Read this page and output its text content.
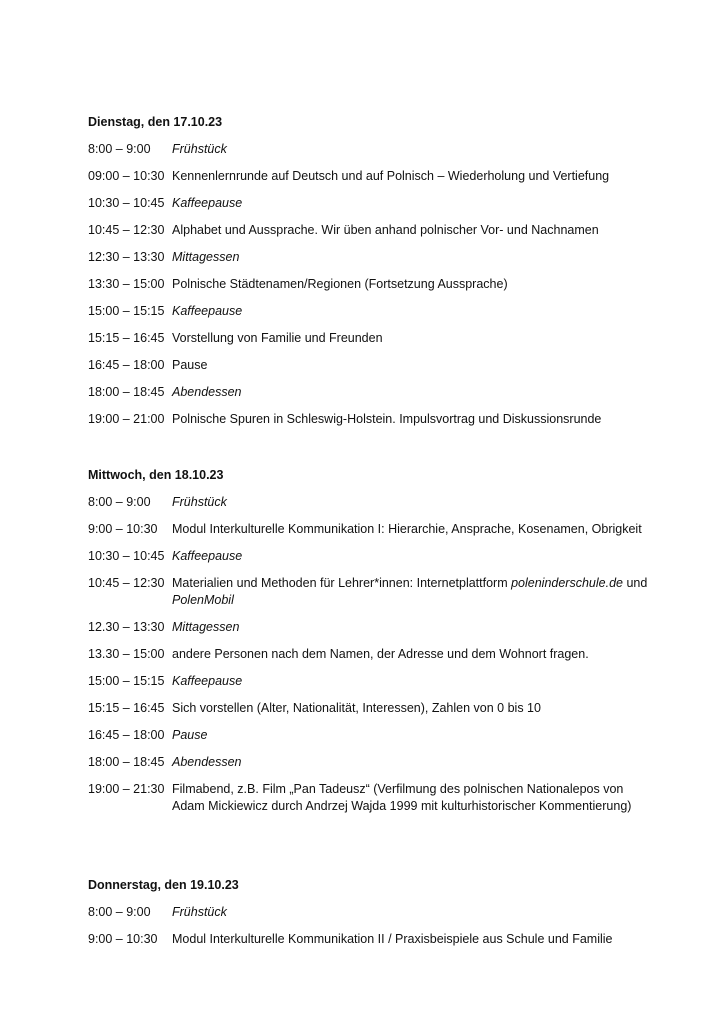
Dienstag, den 17.10.23

8:00 – 9:00	Frühstück
09:00 – 10:30 Kennenlernrunde auf Deutsch und auf Polnisch – Wiederholung und Vertiefung
10:30 – 10:45 Kaffeepause
10:45 – 12:30 Alphabet und Aussprache. Wir üben anhand polnischer Vor- und Nachnamen
12:30 – 13:30 Mittagessen
13:30 – 15:00 Polnische Städtenamen/Regionen (Fortsetzung Aussprache)
15:00 – 15:15 Kaffeepause
15:15 – 16:45 Vorstellung von Familie und Freunden
16:45 – 18:00 Pause
18:00 – 18:45 Abendessen
19:00 – 21:00 Polnische Spuren in Schleswig-Holstein. Impulsvortrag und Diskussionsrunde

Mittwoch, den 18.10.23

8:00 – 9:00	Frühstück
9:00 – 10:30	Modul Interkulturelle Kommunikation I: Hierarchie, Ansprache, Kosenamen, Obrigkeit
10:30 – 10:45 Kaffeepause
10:45 – 12:30 Materialien und Methoden für Lehrer*innen: Internetplattform poleninderschule.de und PolenMobil
12.30 – 13:30 Mittagessen
13.30 – 15:00 andere Personen nach dem Namen, der Adresse und dem Wohnort fragen.
15:00 – 15:15 Kaffeepause
15:15 – 16:45 Sich vorstellen (Alter, Nationalität, Interessen), Zahlen von 0 bis 10
16:45 – 18:00 Pause
18:00 – 18:45 Abendessen
19:00 – 21:30 Filmabend, z.B. Film „Pan Tadeusz“ (Verfilmung des polnischen Nationalepos von Adam Mickiewicz durch Andrzej Wajda 1999 mit kulturhistorischer Kommentierung)

Donnerstag, den 19.10.23

8:00 – 9:00	Frühstück
9:00 – 10:30	Modul Interkulturelle Kommunikation II / Praxisbeispiele aus Schule und Familie
